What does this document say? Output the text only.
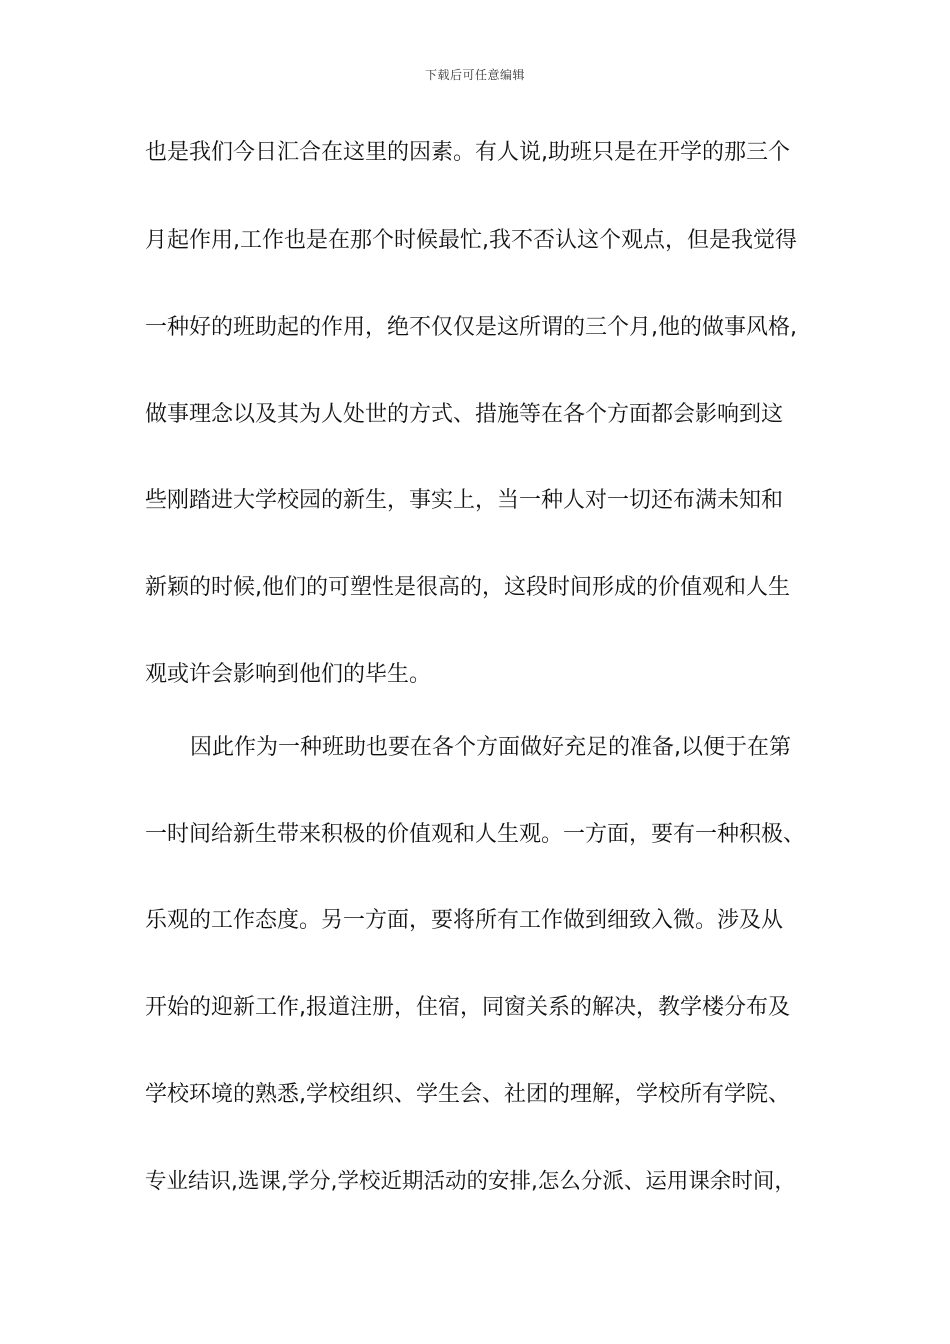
下载后可任意编辑
也是我们今日汇合在这里的因素。有人说,助班只是在开学的那三个
月起作用,工作也是在那个时候最忙,我不否认这个观点，但是我觉得
一种好的班助起的作用，绝不仅仅是这所谓的三个月,他的做事风格,
做事理念以及其为人处世的方式、措施等在各个方面都会影响到这
些刚踏进大学校园的新生，事实上，当一种人对一切还布满未知和
新颖的时候,他们的可塑性是很高的，这段时间形成的价值观和人生
观或许会影响到他们的毕生。
因此作为一种班助也要在各个方面做好充足的准备,以便于在第
一时间给新生带来积极的价值观和人生观。一方面，要有一种积极、
乐观的工作态度。另一方面，要将所有工作做到细致入微。涉及从
开始的迎新工作,报道注册，住宿，同窗关系的解决，教学楼分布及
学校环境的熟悉,学校组织、学生会、社团的理解，学校所有学院、
专业结识,选课,学分,学校近期活动的安排,怎么分派、运用课余时间，
